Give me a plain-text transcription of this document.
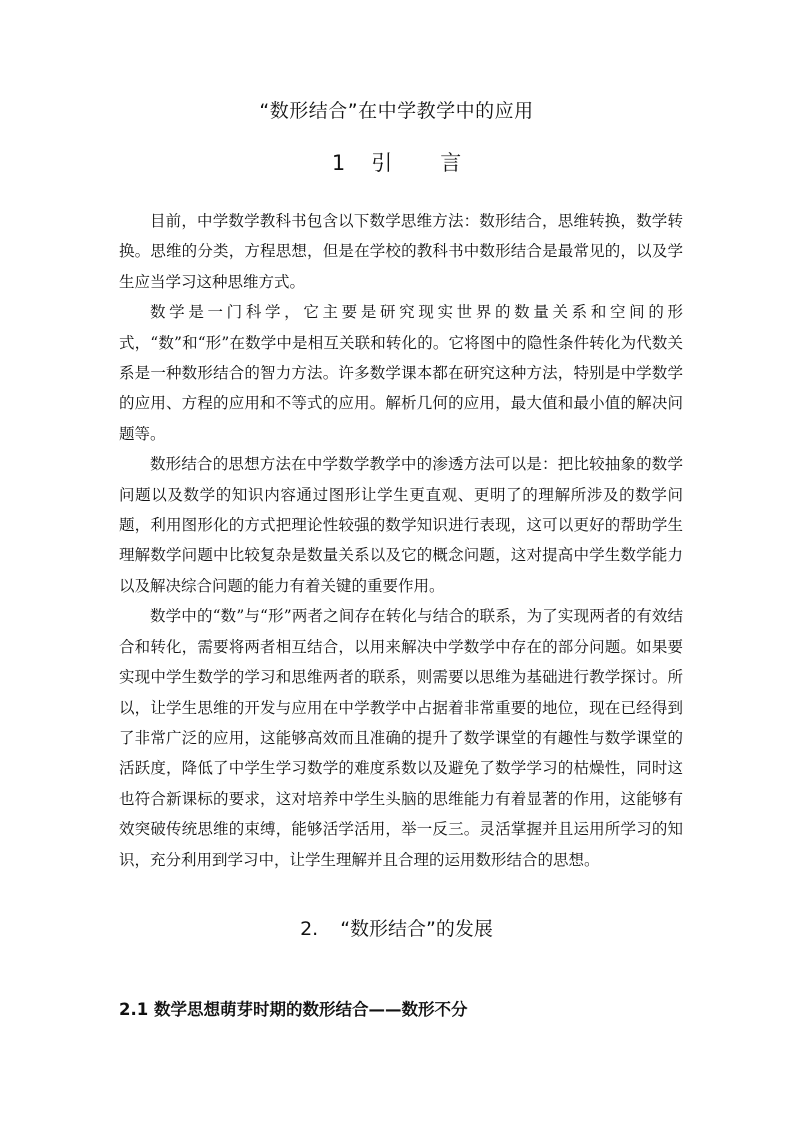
“数形结合”在中学教学中的应用
1 引 言

目前，中学数学教科书包含以下数学思维方法：数形结合，思维转换，数学转换。思维的分类，方程思想，但是在学校的教科书中数形结合是最常见的，以及学生应当学习这种思维方式。

数学是一门科学，它主要是研究现实世界的数量关系和空间的形式，“数”和“形”在数学中是相互关联和转化的。它将图中的隐性条件转化为代数关系是一种数形结合的智力方法。许多数学课本都在研究这种方法，特别是中学数学的应用、方程的应用和不等式的应用。解析几何的应用，最大值和最小值的解决问题等。

数形结合的思想方法在中学数学教学中的渗透方法可以是：把比较抽象的数学问题以及数学的知识内容通过图形让学生更直观、更明了的理解所涉及的数学问题，利用图形化的方式把理论性较强的数学知识进行表现，这可以更好的帮助学生理解数学问题中比较复杂是数量关系以及它的概念问题，这对提高中学生数学能力以及解决综合问题的能力有着关键的重要作用。

数学中的“数”与“形”两者之间存在转化与结合的联系，为了实现两者的有效结合和转化，需要将两者相互结合，以用来解决中学数学中存在的部分问题。如果要实现中学生数学的学习和思维两者的联系，则需要以思维为基础进行教学探讨。所以，让学生思维的开发与应用在中学教学中占据着非常重要的地位，现在已经得到了非常广泛的应用，这能够高效而且准确的提升了数学课堂的有趣性与数学课堂的活跃度，降低了中学生学习数学的难度系数以及避免了数学学习的枯燥性，同时这也符合新课标的要求，这对培养中学生头脑的思维能力有着显著的作用，这能够有效突破传统思维的束缚，能够活学活用，举一反三。灵活掌握并且运用所学习的知识，充分利用到学习中，让学生理解并且合理的运用数形结合的思想。

2. “数形结合”的发展
2.1 数学思想萌芽时期的数形结合——数形不分
